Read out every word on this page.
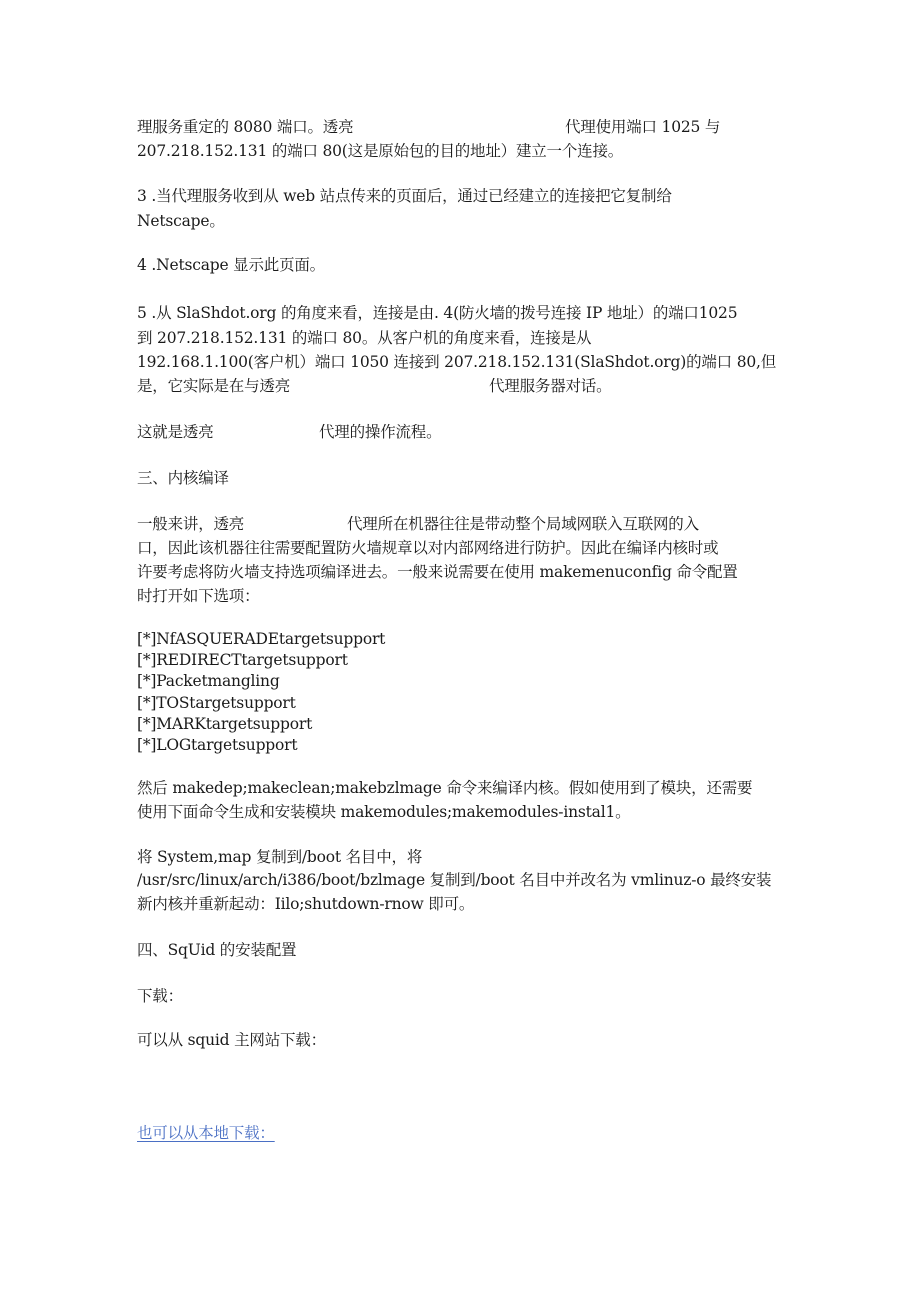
理服务重定的 8080 端口。透亮	代理使用端口 1025 与
207.218.152.131 的端口 80(这是原始包的目的地址）建立一个连接。
3 .当代理服务收到从 web 站点传来的页面后，通过已经建立的连接把它复制给
Netscape。
4 .Netscape 显示此页面。
5 .从 SlaShdot.org 的角度来看，连接是由. 4(防火墙的拨号连接 IP 地址）的端口1025
到 207.218.152.131 的端口 80。从客户机的角度来看，连接是从
192.168.1.100(客户机）端口 1050 连接到 207.218.152.131(SlaShdot.org)的端口 80,但
是，它实际是在与透亮	代理服务器对话。
这就是透亮	代理的操作流程。
三、内核编译
一般来讲，透亮	代理所在机器往往是带动整个局域网联入互联网的入
口，因此该机器往往需要配置防火墙规章以对内部网络进行防护。因此在编译内核时或
许要考虑将防火墙支持选项编译进去。一般来说需要在使用 makemenuconfig 命令配置
时打开如下选项：
[*]NfASQUERADEtargetsupport
[*]REDIRECTtargetsupport
[*]Packetmangling
[*]TOStargetsupport
[*]MARKtargetsupport
[*]LOGtargetsupport
然后 makedep;makeclean;makebzlmage 命令来编译内核。假如使用到了模块，还需要
使用下面命令生成和安装模块 makemodules;makemodules-instal1。
将 System,map 复制到/boot 名目中，将
/usr/src/linux/arch/i386/boot/bzlmage 复制到/boot 名目中并改名为 vmlinuz-o 最终安装
新内核并重新起动：Iilo;shutdown-rnow 即可。
四、SqUid 的安装配置
下载：
可以从 squid 主网站下载：
也可以从本地下载：
